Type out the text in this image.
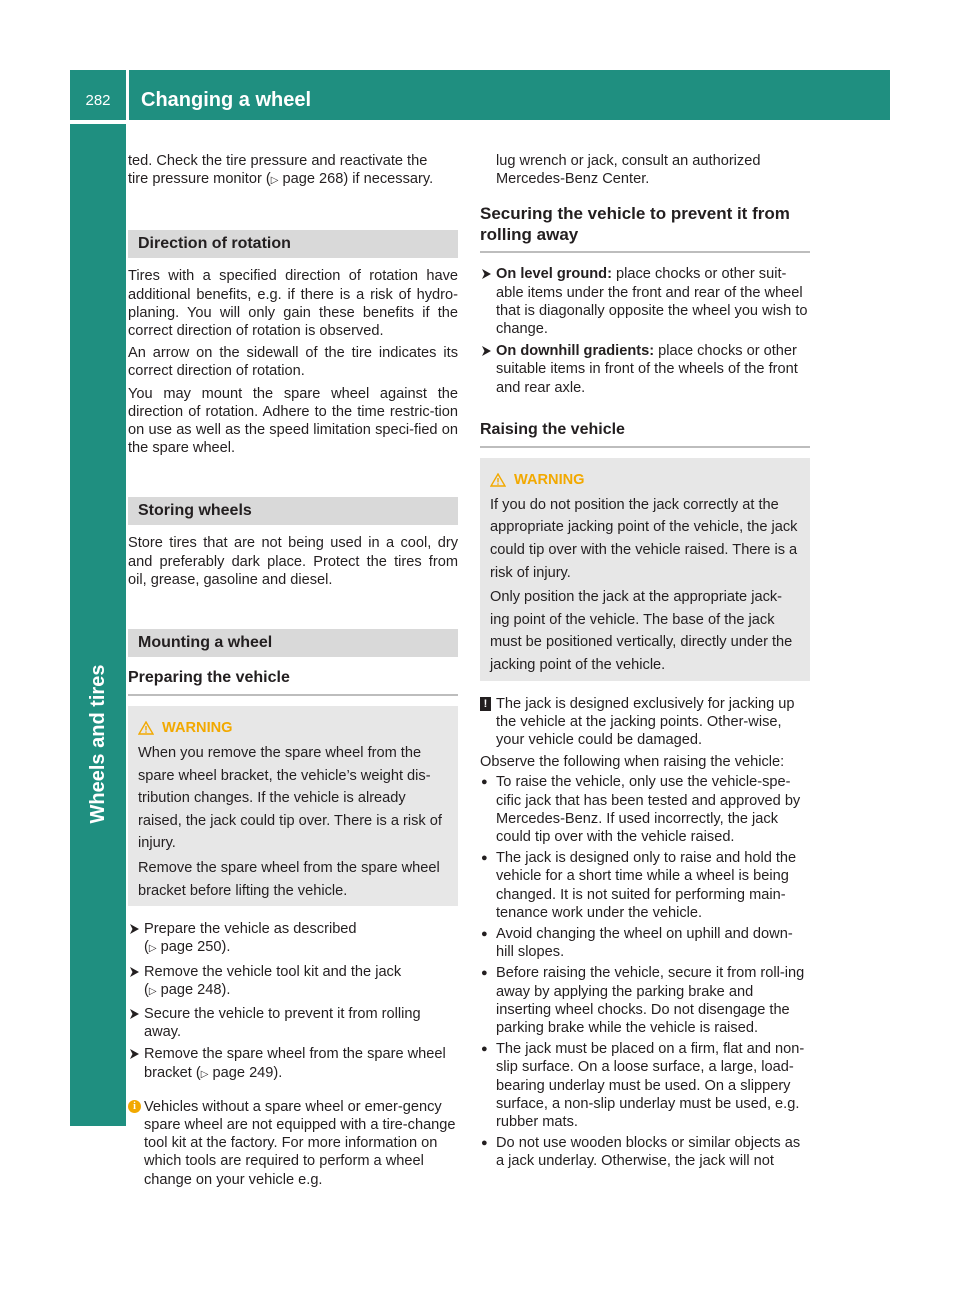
282	Changing a wheel
Wheels and tires

ted. Check the tire pressure and reactivate the
tire pressure monitor (▷ page 268) if necessary.

Direction of rotation

Tires with a specified direction of rotation have additional benefits, e.g. if there is a risk of hydro-planing. You will only gain these benefits if the correct direction of rotation is observed.

An arrow on the sidewall of the tire indicates its correct direction of rotation.

You may mount the spare wheel against the direction of rotation. Adhere to the time restric-tion on use as well as the speed limitation speci-fied on the spare wheel.

Storing wheels

Store tires that are not being used in a cool, dry and preferably dark place. Protect the tires from oil, grease, gasoline and diesel.

Mounting a wheel
Preparing the vehicle
WARNING

When you remove the spare wheel from the spare wheel bracket, the vehicle’s weight dis-tribution changes. If the vehicle is already raised, the jack could tip over. There is a risk of injury.

Remove the spare wheel from the spare wheel bracket before lifting the vehicle.

Prepare the vehicle as described
(▷ page 250).
Remove the vehicle tool kit and the jack
(▷ page 248).
Secure the vehicle to prevent it from rolling away.
Remove the spare wheel from the spare wheel bracket (▷ page 249).
i Vehicles without a spare wheel or emer-gency spare wheel are not equipped with a tire-change tool kit at the factory. For more information on which tools are required to perform a wheel change on your vehicle e.g.

lug wrench or jack, consult an authorized Mercedes-Benz Center.

Securing the vehicle to prevent it from rolling away
On level ground: place chocks or other suit-able items under the front and rear of the wheel that is diagonally opposite the wheel you wish to change.
On downhill gradients: place chocks or other suitable items in front of the wheels of the front and rear axle.
Raising the vehicle
WARNING

If you do not position the jack correctly at the appropriate jacking point of the vehicle, the jack could tip over with the vehicle raised. There is a risk of injury.

Only position the jack at the appropriate jack-ing point of the vehicle. The base of the jack must be positioned vertically, directly under the jacking point of the vehicle.

! The jack is designed exclusively for jacking up the vehicle at the jacking points. Other-wise, your vehicle could be damaged.

Observe the following when raising the vehicle:

● To raise the vehicle, only use the vehicle-spe-cific jack that has been tested and approved by Mercedes-Benz. If used incorrectly, the jack could tip over with the vehicle raised.
● The jack is designed only to raise and hold the vehicle for a short time while a wheel is being changed. It is not suited for performing main-tenance work under the vehicle.
● Avoid changing the wheel on uphill and down-hill slopes.
● Before raising the vehicle, secure it from roll-ing away by applying the parking brake and inserting wheel chocks. Do not disengage the parking brake while the vehicle is raised.
● The jack must be placed on a firm, flat and non-slip surface. On a loose surface, a large, load-bearing underlay must be used. On a slippery surface, a non-slip underlay must be used, e.g. rubber mats.
● Do not use wooden blocks or similar objects as a jack underlay. Otherwise, the jack will not
